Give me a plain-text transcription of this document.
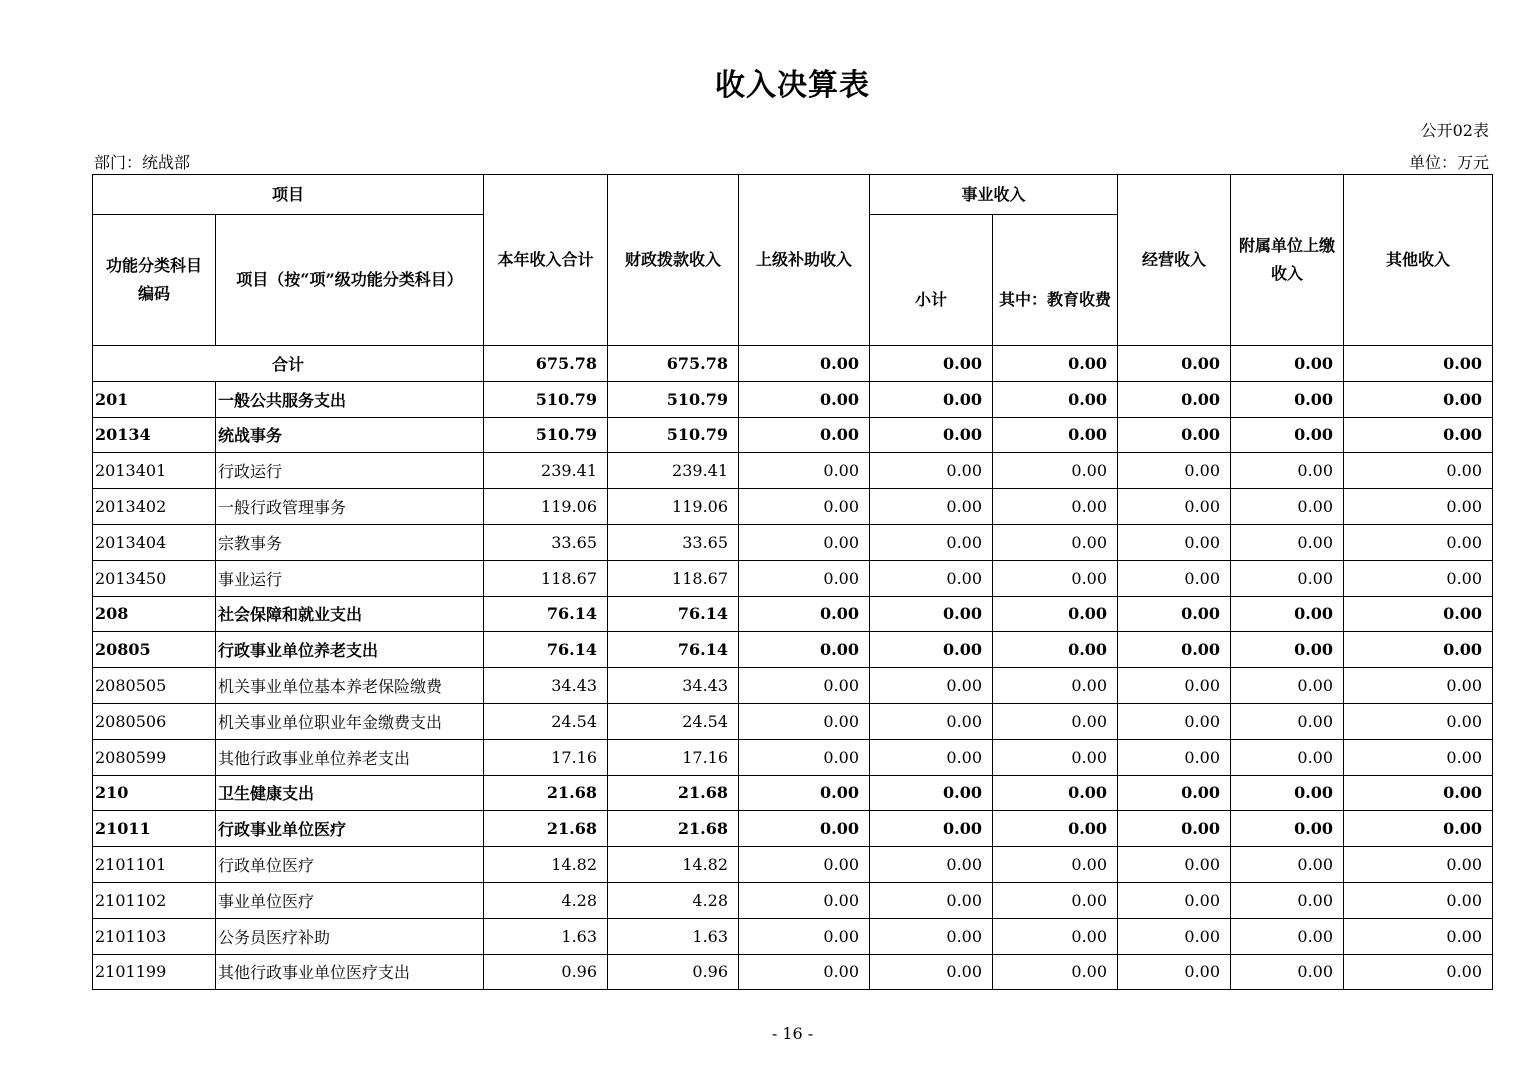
收入决算表
公开02表
部门：统战部	单位：万元
项目		本年收入合计	财政拨款收入	上级补助收入	事业收入		经营收入	附属单位上缴收入	其他收入
功能分类科目编码	项目（按“项”级功能分类科目）				小计	其中：教育收费			
合计		675.78	675.78	0.00	0.00	0.00	0.00	0.00	0.00
201	一般公共服务支出	510.79	510.79	0.00	0.00	0.00	0.00	0.00	0.00
20134	统战事务	510.79	510.79	0.00	0.00	0.00	0.00	0.00	0.00
2013401	行政运行	239.41	239.41	0.00	0.00	0.00	0.00	0.00	0.00
2013402	一般行政管理事务	119.06	119.06	0.00	0.00	0.00	0.00	0.00	0.00
2013404	宗教事务	33.65	33.65	0.00	0.00	0.00	0.00	0.00	0.00
2013450	事业运行	118.67	118.67	0.00	0.00	0.00	0.00	0.00	0.00
208	社会保障和就业支出	76.14	76.14	0.00	0.00	0.00	0.00	0.00	0.00
20805	行政事业单位养老支出	76.14	76.14	0.00	0.00	0.00	0.00	0.00	0.00
2080505	机关事业单位基本养老保险缴费	34.43	34.43	0.00	0.00	0.00	0.00	0.00	0.00
2080506	机关事业单位职业年金缴费支出	24.54	24.54	0.00	0.00	0.00	0.00	0.00	0.00
2080599	其他行政事业单位养老支出	17.16	17.16	0.00	0.00	0.00	0.00	0.00	0.00
210	卫生健康支出	21.68	21.68	0.00	0.00	0.00	0.00	0.00	0.00
21011	行政事业单位医疗	21.68	21.68	0.00	0.00	0.00	0.00	0.00	0.00
2101101	行政单位医疗	14.82	14.82	0.00	0.00	0.00	0.00	0.00	0.00
2101102	事业单位医疗	4.28	4.28	0.00	0.00	0.00	0.00	0.00	0.00
2101103	公务员医疗补助	1.63	1.63	0.00	0.00	0.00	0.00	0.00	0.00
2101199	其他行政事业单位医疗支出	0.96	0.96	0.00	0.00	0.00	0.00	0.00	0.00
- 16 -
